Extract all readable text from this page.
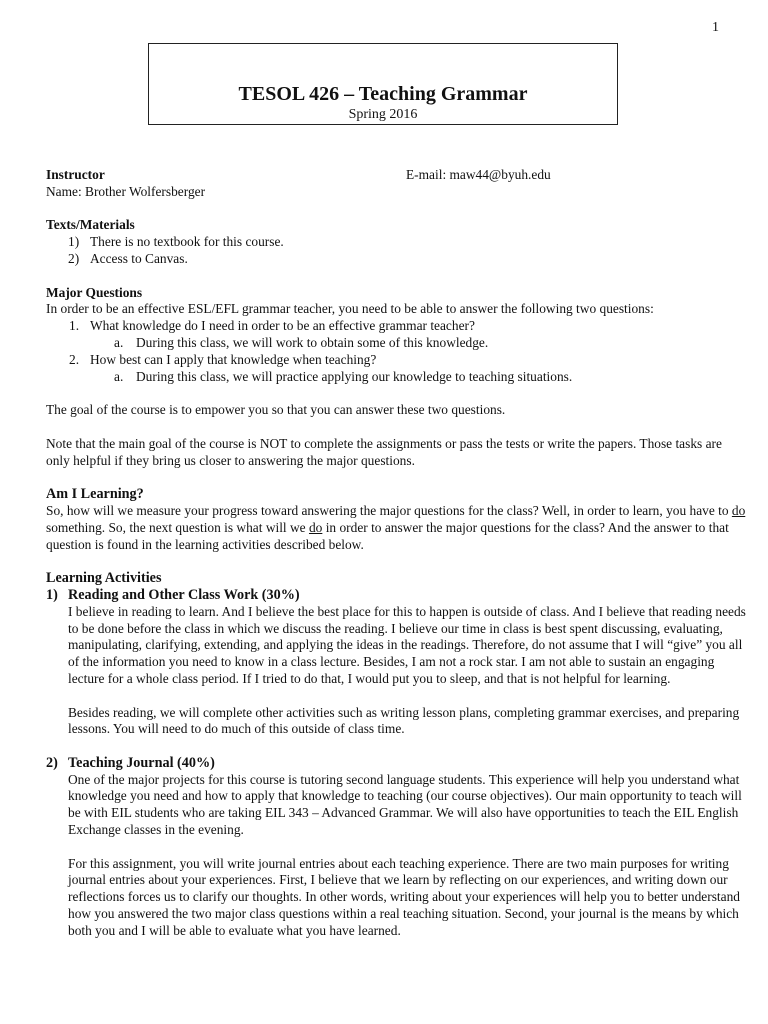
1
TESOL 426 – Teaching Grammar
Spring 2016
Instructor	E-mail: maw44@byuh.edu
Name: Brother Wolfersberger
Texts/Materials
1) There is no textbook for this course.
2) Access to Canvas.
Major Questions

In order to be an effective ESL/EFL grammar teacher, you need to be able to answer the following two questions:

1. What knowledge do I need in order to be an effective grammar teacher?
a. During this class, we will work to obtain some of this knowledge.
2. How best can I apply that knowledge when teaching?
a. During this class, we will practice applying our knowledge to teaching situations.

The goal of the course is to empower you so that you can answer these two questions.

Note that the main goal of the course is NOT to complete the assignments or pass the tests or write the papers. Those tasks are only helpful if they bring us closer to answering the major questions.

Am I Learning?

So, how will we measure your progress toward answering the major questions for the class? Well, in order to learn, you have to do something. So, the next question is what will we do in order to answer the major questions for the class? And the answer to that question is found in the learning activities described below.

Learning Activities
1) Reading and Other Class Work (30%)

I believe in reading to learn. And I believe the best place for this to happen is outside of class. And I believe that reading needs to be done before the class in which we discuss the reading. I believe our time in class is best spent discussing, evaluating, manipulating, clarifying, extending, and applying the ideas in the readings. Therefore, do not assume that I will “give” you all of the information you need to know in a class lecture. Besides, I am not a rock star. I am not able to sustain an engaging lecture for a whole class period. If I tried to do that, I would put you to sleep, and that is not helpful for learning.

Besides reading, we will complete other activities such as writing lesson plans, completing grammar exercises, and preparing lessons. You will need to do much of this outside of class time.

2) Teaching Journal (40%)

One of the major projects for this course is tutoring second language students. This experience will help you understand what knowledge you need and how to apply that knowledge to teaching (our course objectives). Our main opportunity to teach will be with EIL students who are taking EIL 343 – Advanced Grammar. We will also have opportunities to teach the EIL English Exchange classes in the evening.

For this assignment, you will write journal entries about each teaching experience. There are two main purposes for writing journal entries about your experiences. First, I believe that we learn by reflecting on our experiences, and writing down our reflections forces us to clarify our thoughts. In other words, writing about your experiences will help you to better understand how you answered the two major class questions within a real teaching situation. Second, your journal is the means by which both you and I will be able to evaluate what you have learned.
